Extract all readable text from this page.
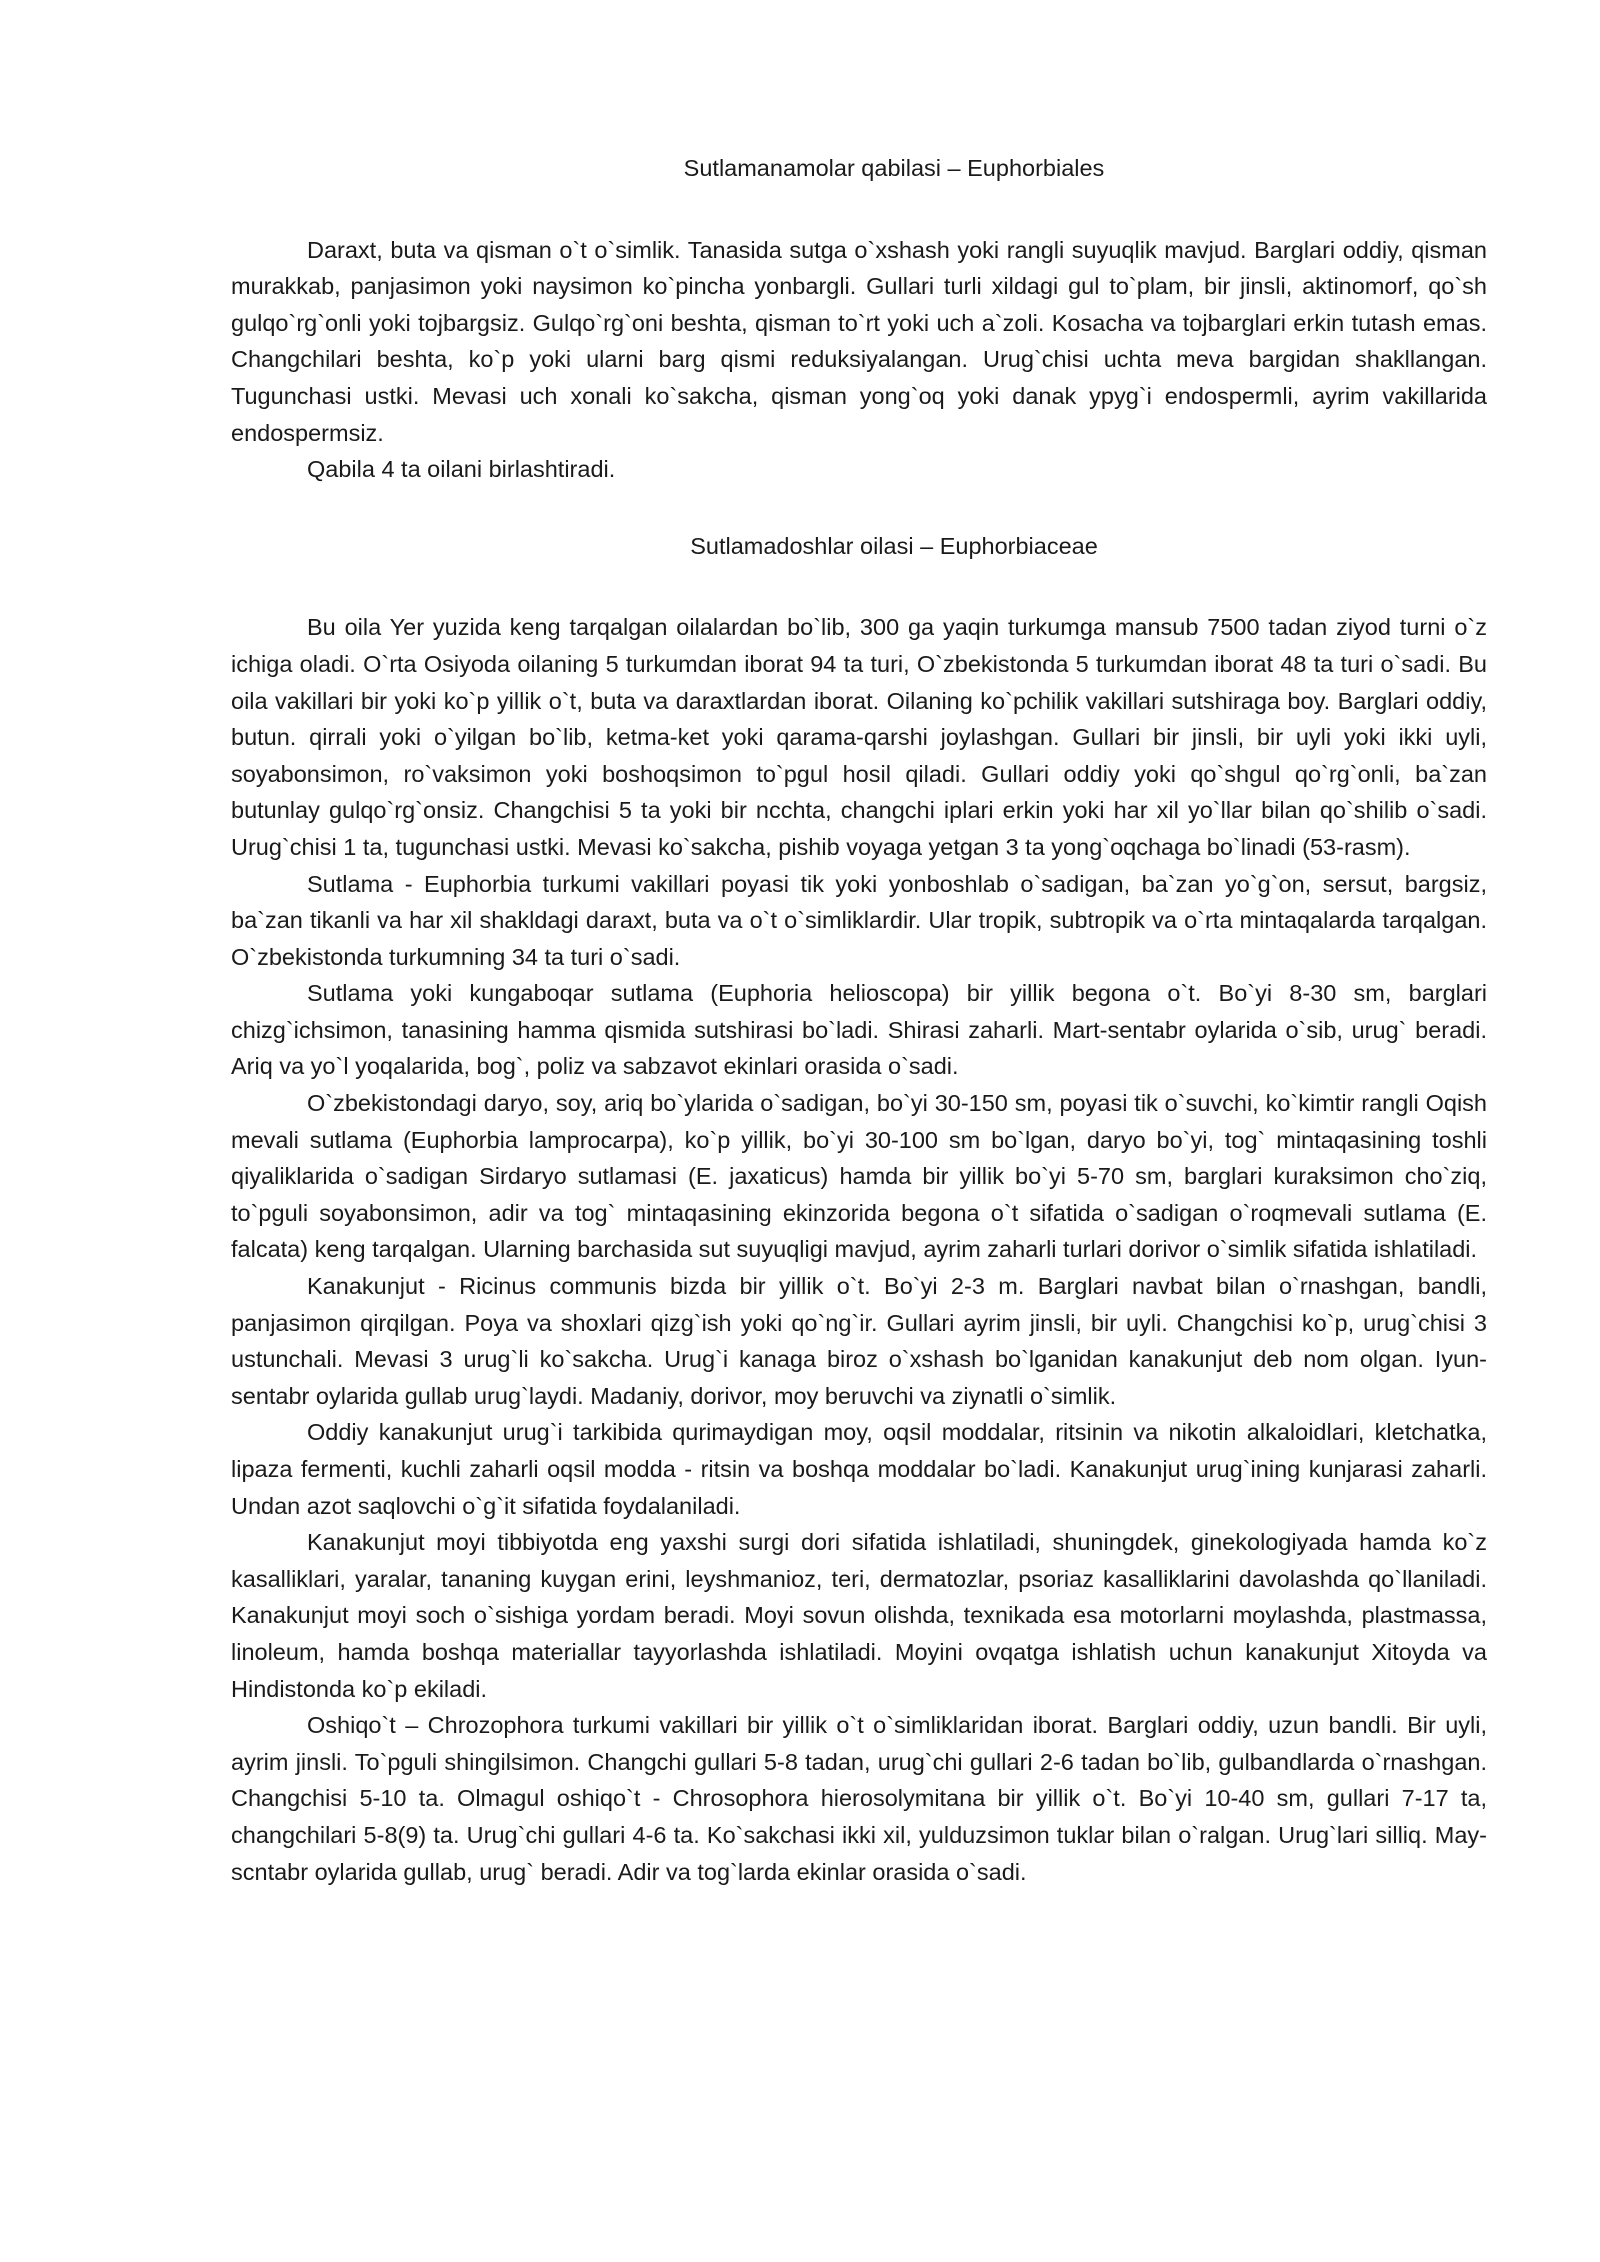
Sutlamanamolar qabilasi – Euphorbiales

Daraxt, buta va qisman o`t o`simlik. Tanasida sutga o`xshash yoki rangli suyuqlik mavjud. Barglari oddiy, qisman murakkab, panjasimon yoki naysimon ko`pincha yonbargli. Gullari turli xildagi gul to`plam, bir jinsli, aktinomorf, qo`sh gulqo`rg`onli yoki tojbargsiz. Gulqo`rg`oni beshta, qisman to`rt yoki uch a`zoli. Kosacha va tojbarglari erkin tutash emas. Changchilari beshta, ko`p yoki ularni barg qismi reduksiyalangan. Urug`chisi uchta meva bargidan shakllangan. Tugunchasi ustki. Mevasi uch xonali ko`sakcha, qisman yong`oq yoki danak ypyg`i endospermli, ayrim vakillarida endospermsiz.

Qabila 4 ta oilani birlashtiradi.

Sutlamadoshlar oilasi – Euphorbiaceae

Bu oila Yer yuzida keng tarqalgan oilalardan bo`lib, 300 ga yaqin turkumga mansub 7500 tadan ziyod turni o`z ichiga oladi. O`rta Osiyoda oilaning 5 turkumdan iborat 94 ta turi, O`zbekistonda 5 turkumdan iborat 48 ta turi o`sadi. Bu oila vakillari bir yoki ko`p yillik o`t, buta va daraxtlardan iborat. Oilaning ko`pchilik vakillari sutshiraga boy. Barglari oddiy, butun. qirrali yoki o`yilgan bo`lib, ketma-ket yoki qarama-qarshi joylashgan. Gullari bir jinsli, bir uyli yoki ikki uyli, soyabonsimon, ro`vaksimon yoki boshoqsimon to`pgul hosil qiladi. Gullari oddiy yoki qo`shgul qo`rg`onli, ba`zan butunlay gulqo`rg`onsiz. Changchisi 5 ta yoki bir ncchta, changchi iplari erkin yoki har xil yo`llar bilan qo`shilib o`sadi. Urug`chisi 1 ta, tugunchasi ustki. Mevasi ko`sakcha, pishib voyaga yetgan 3 ta yong`oqchaga bo`linadi (53-rasm).

Sutlama - Euphorbia turkumi vakillari poyasi tik yoki yonboshlab o`sadigan, ba`zan yo`g`on, sersut, bargsiz, ba`zan tikanli va har xil shakldagi daraxt, buta va o`t o`simliklardir. Ular tropik, subtropik va o`rta mintaqalarda tarqalgan. O`zbekistonda turkumning 34 ta turi o`sadi.

Sutlama yoki kungaboqar sutlama (Euphoria helioscopa) bir yillik begona o`t. Bo`yi 8-30 sm, barglari chizg`ichsimon, tanasining hamma qismida sutshirasi bo`ladi. Shirasi zaharli. Mart-sentabr oylarida o`sib, urug` beradi. Ariq va yo`l yoqalarida, bog`, poliz va sabzavot ekinlari orasida o`sadi.

O`zbekistondagi daryo, soy, ariq bo`ylarida o`sadigan, bo`yi 30-150 sm, poyasi tik o`suvchi, ko`kimtir rangli Oqish mevali sutlama (Euphorbia lamprocarpa), ko`p yillik, bo`yi 30-100 sm bo`lgan, daryo bo`yi, tog` mintaqasining toshli qiyaliklarida o`sadigan Sirdaryo sutlamasi (E. jaxaticus) hamda bir yillik bo`yi 5-70 sm, barglari kuraksimon cho`ziq, to`pguli soyabonsimon, adir va tog` mintaqasining ekinzorida begona o`t sifatida o`sadigan o`roqmevali sutlama (E. falcata) keng tarqalgan. Ularning barchasida sut suyuqligi mavjud, ayrim zaharli turlari dorivor o`simlik sifatida ishlatiladi.

Kanakunjut - Ricinus communis bizda bir yillik o`t. Bo`yi 2-3 m. Barglari navbat bilan o`rnashgan, bandli, panjasimon qirqilgan. Poya va shoxlari qizg`ish yoki qo`ng`ir. Gullari ayrim jinsli, bir uyli. Changchisi ko`p, urug`chisi 3 ustunchali. Mevasi 3 urug`li ko`sakcha. Urug`i kanaga biroz o`xshash bo`lganidan kanakunjut deb nom olgan. Iyun-sentabr oylarida gullab urug`laydi. Madaniy, dorivor, moy beruvchi va ziynatli o`simlik.

Oddiy kanakunjut urug`i tarkibida qurimaydigan moy, oqsil moddalar, ritsinin va nikotin alkaloidlari, kletchatka, lipaza fermenti, kuchli zaharli oqsil modda - ritsin va boshqa moddalar bo`ladi. Kanakunjut urug`ining kunjarasi zaharli. Undan azot saqlovchi o`g`it sifatida foydalaniladi.

Kanakunjut moyi tibbiyotda eng yaxshi surgi dori sifatida ishlatiladi, shuningdek, ginekologiyada hamda ko`z kasalliklari, yaralar, tananing kuygan erini, leyshmanioz, teri, dermatozlar, psoriaz kasalliklarini davolashda qo`llaniladi. Kanakunjut moyi soch o`sishiga yordam beradi. Moyi sovun olishda, texnikada esa motorlarni moylashda, plastmassa, linoleum, hamda boshqa materiallar tayyorlashda ishlatiladi. Moyini ovqatga ishlatish uchun kanakunjut Xitoyda va Hindistonda ko`p ekiladi.

Oshiqo`t – Chrozophora turkumi vakillari bir yillik o`t o`simliklaridan iborat. Barglari oddiy, uzun bandli. Bir uyli, ayrim jinsli. To`pguli shingilsimon. Changchi gullari 5-8 tadan, urug`chi gullari 2-6 tadan bo`lib, gulbandlarda o`rnashgan. Changchisi 5-10 ta. Olmagul oshiqo`t - Chrosophora hierosolymitana bir yillik o`t. Bo`yi 10-40 sm, gullari 7-17 ta, changchilari 5-8(9) ta. Urug`chi gullari 4-6 ta. Ko`sakchasi ikki xil, yulduzsimon tuklar bilan o`ralgan. Urug`lari silliq. May-scntabr oylarida gullab, urug` beradi. Adir va tog`larda ekinlar orasida o`sadi.
